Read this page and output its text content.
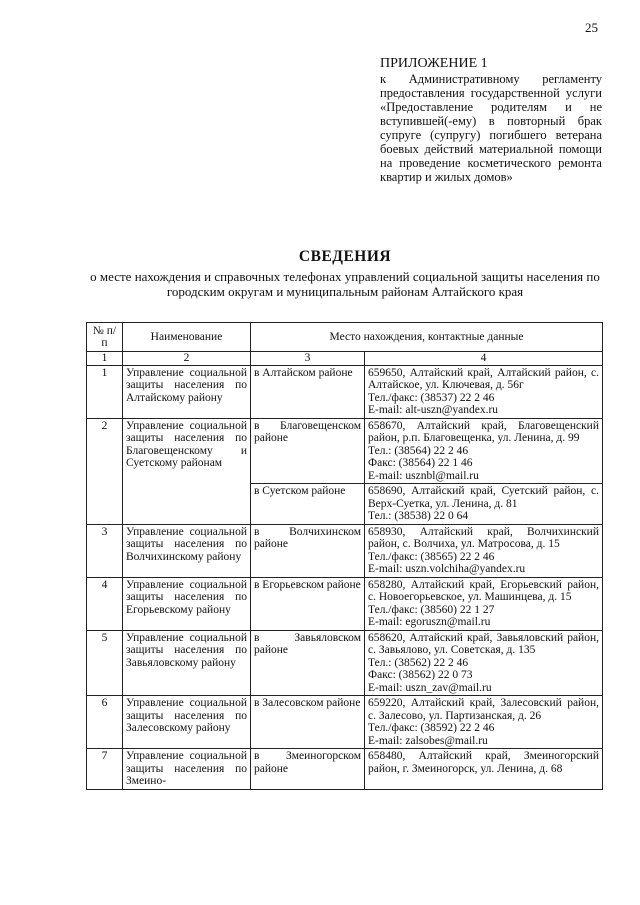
25
ПРИЛОЖЕНИЕ 1
к Административному регламенту предоставления государственной услуги «Предоставление родителям и не вступившей(-ему) в повторный брак супруге (супругу) погибшего ветерана боевых действий материальной помощи на проведение косметического ремонта квартир и жилых домов»
СВЕДЕНИЯ
о месте нахождения и справочных телефонах управлений социальной защиты населения по городским округам и муниципальным районам Алтайского края
№ п/п	Наименование	Место нахождения, контактные данные	
1	2	3	4
1	Управление социальной защиты населения по Алтайскому району	в Алтайском районе	659650, Алтайский край, Алтайский район, с. Алтайское, ул. Ключевая, д. 56г
Тел./факс: (38537) 22 2 46
E-mail: alt-uszn@yandex.ru

2	Управление социальной защиты населения по Благовещенскому и Суетскому районам	в Благовещенском районе	658670, Алтайский край, Благовещенский район, р.п. Благовещенка, ул. Ленина, д. 99
Тел.: (38564) 22 2 46
Факс: (38564) 22 1 46
E-mail: usznbl@mail.ru

		в Суетском районе	658690, Алтайский край, Суетский район, с. Верх-Суетка, ул. Ленина, д. 81
Тел.: (38538) 22 0 64

3	Управление социальной защиты населения по Волчихинскому району	в Волчихинском районе	658930, Алтайский край, Волчихинский район, с. Волчиха, ул. Матросова, д. 15
Тел./факс: (38565) 22 2 46
E-mail: uszn.volchiha@yandex.ru

4	Управление социальной защиты населения по Егорьевскому району	в Егорьевском районе	658280, Алтайский край, Егорьевский район, с. Новоегорьевское, ул. Машинцева, д. 15
Тел./факс: (38560) 22 1 27
E-mail: egoruszn@mail.ru

5	Управление социальной защиты населения по Завьяловскому району	в Завьяловском районе	658620, Алтайский край, Завьяловский район, с. Завьялово, ул. Советская, д. 135
Тел.: (38562) 22 2 46
Факс: (38562) 22 0 73
E-mail: uszn_zav@mail.ru

6	Управление социальной защиты населения по Залесовскому району	в Залесовском районе	659220, Алтайский край, Залесовский район, с. Залесово, ул. Партизанская, д. 26
Тел./факс: (38592) 22 2 46
E-mail: zalsobes@mail.ru

7	Управление социальной защиты населения по Змеино-	в Змеиногорском районе	658480, Алтайский край, Змеиногорский район, г. Змеиногорск, ул. Ленина, д. 68
